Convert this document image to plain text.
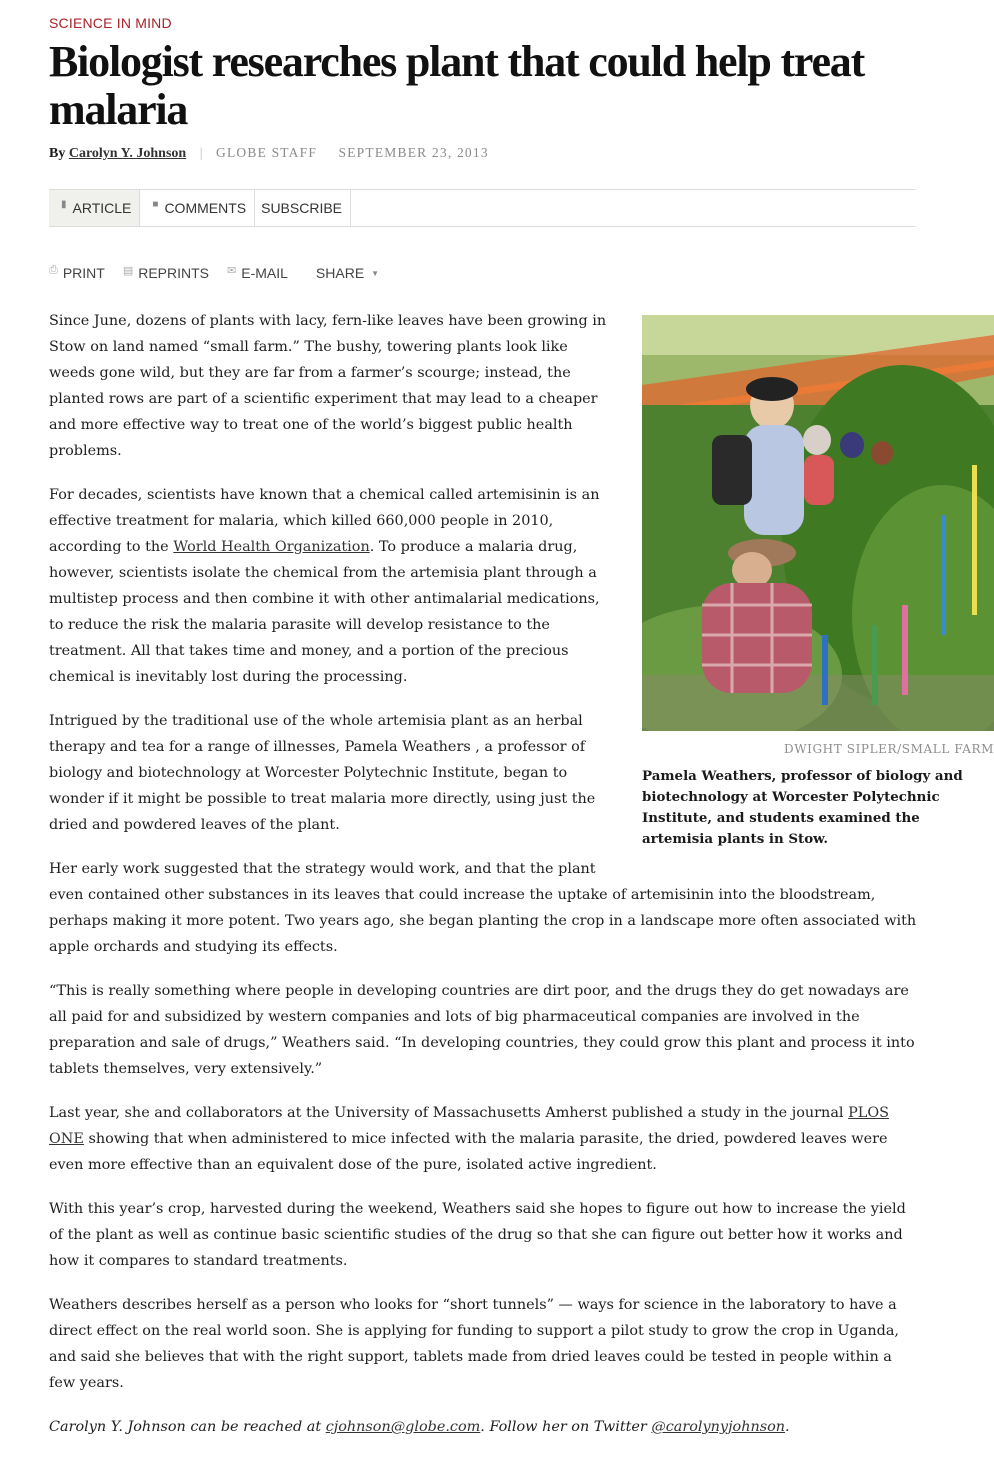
SCIENCE IN MIND
Biologist researches plant that could help treat malaria
By Carolyn Y. Johnson | GLOBE STAFF SEPTEMBER 23, 2013
▮ ARTICLE ■ COMMENTS SUBSCRIBE
⎙ PRINT ▤ REPRINTS ✉ E-MAIL SHARE ▼
DWIGHT SIPLER/SMALL FARM
Pamela Weathers, professor of biology and biotechnology at Worcester Polytechnic Institute, and students examined the artemisia plants in Stow.

Since June, dozens of plants with lacy, fern-like leaves have been growing in Stow on land named “small farm.” The bushy, towering plants look like weeds gone wild, but they are far from a farmer’s scourge; instead, the planted rows are part of a scientific experiment that may lead to a cheaper and more effective way to treat one of the world’s biggest public health problems.

For decades, scientists have known that a chemical called artemisinin is an effective treatment for malaria, which killed 660,000 people in 2010, according to the World Health Organization. To produce a malaria drug, however, scientists isolate the chemical from the artemisia plant through a multistep process and then combine it with other antimalarial medications, to reduce the risk the malaria parasite will develop resistance to the treatment. All that takes time and money, and a portion of the precious chemical is inevitably lost during the processing.

Intrigued by the traditional use of the whole artemisia plant as an herbal therapy and tea for a range of illnesses, Pamela Weathers , a professor of biology and biotechnology at Worcester Polytechnic Institute, began to wonder if it might be possible to treat malaria more directly, using just the dried and powdered leaves of the plant.

Her early work suggested that the strategy would work, and that the plant even contained other substances in its leaves that could increase the uptake of artemisinin into the bloodstream, perhaps making it more potent. Two years ago, she began planting the crop in a landscape more often associated with apple orchards and studying its effects.

“This is really something where people in developing countries are dirt poor, and the drugs they do get nowadays are all paid for and subsidized by western companies and lots of big pharmaceutical companies are involved in the preparation and sale of drugs,” Weathers said. “In developing countries, they could grow this plant and process it into tablets themselves, very extensively.”

Last year, she and collaborators at the University of Massachusetts Amherst published a study in the journal PLOS ONE showing that when administered to mice infected with the malaria parasite, the dried, powdered leaves were even more effective than an equivalent dose of the pure, isolated active ingredient.

With this year’s crop, harvested during the weekend, Weathers said she hopes to figure out how to increase the yield of the plant as well as continue basic scientific studies of the drug so that she can figure out better how it works and how it compares to standard treatments.

Weathers describes herself as a person who looks for “short tunnels” — ways for science in the laboratory to have a direct effect on the real world soon. She is applying for funding to support a pilot study to grow the crop in Uganda, and said she believes that with the right support, tablets made from dried leaves could be tested in people within a few years.

Carolyn Y. Johnson can be reached at cjohnson@globe.com. Follow her on Twitter @carolynyjohnson.
